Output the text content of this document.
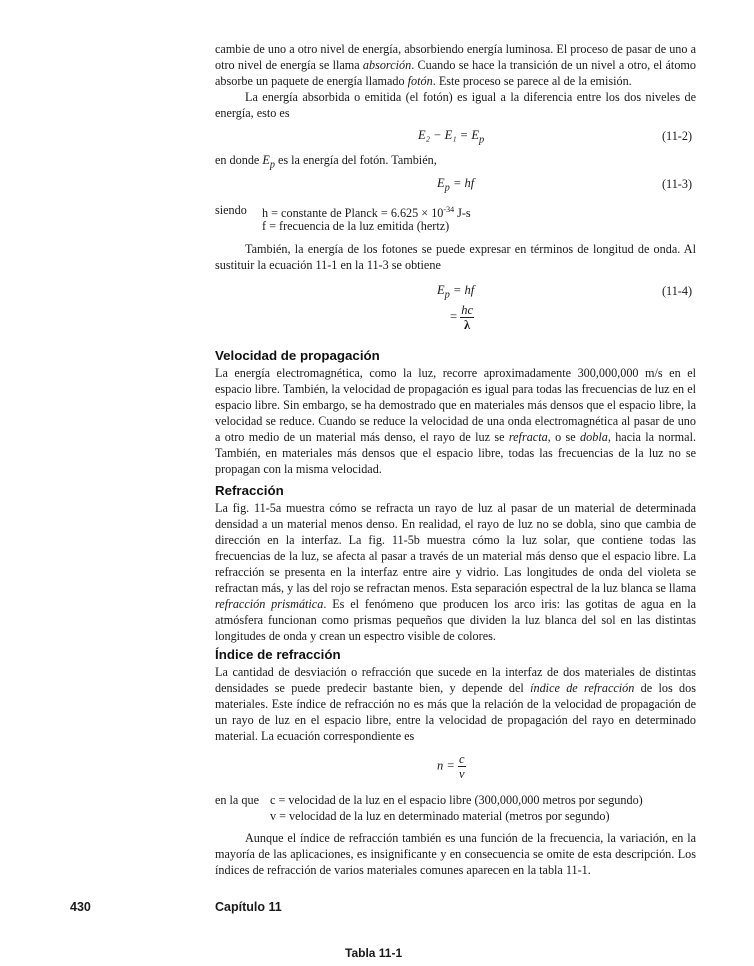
cambie de uno a otro nivel de energía, absorbiendo energía luminosa. El proceso de pasar de uno a otro nivel de energía se llama absorción. Cuando se hace la transición de un nivel a otro, el átomo absorbe un paquete de energía llamado fotón. Este proceso se parece al de la emisión.

La energía absorbida o emitida (el fotón) es igual a la diferencia entre los dos niveles de energía, esto es

$E_2 - E_1 = E_p$	(11-2)

en donde $E_p$ es la energía del fotón. También,

$E_p$ = hf	(11-3)
siendo h = constante de Planck = $6.625 \times 10^{-34}$ J-s
f = frecuencia de la luz emitida (hertz)

También, la energía de los fotones se puede expresar en términos de longitud de onda. Al sustituir la ecuación 11-1 en la 11-3 se obtiene

$E_p$ = hf	(11-4)
= $\frac{hc}{\lambda}$
Velocidad de propagación

La energía electromagnética, como la luz, recorre aproximadamente 300,000,000 m/s en el espacio libre. También, la velocidad de propagación es igual para todas las frecuencias de luz en el espacio libre. Sin embargo, se ha demostrado que en materiales más densos que el espacio libre, la velocidad se reduce. Cuando se reduce la velocidad de una onda electromagnética al pasar de uno a otro medio de un material más denso, el rayo de luz se refracta, o se dobla, hacia la normal. También, en materiales más densos que el espacio libre, todas las frecuencias de la luz no se propagan con la misma velocidad.

Refracción

La fig. 11-5a muestra cómo se refracta un rayo de luz al pasar de un material de determinada densidad a un material menos denso. En realidad, el rayo de luz no se dobla, sino que cambia de dirección en la interfaz. La fig. 11-5b muestra cómo la luz solar, que contiene todas las frecuencias de la luz, se afecta al pasar a través de un material más denso que el espacio libre. La refracción se presenta en la interfaz entre aire y vidrio. Las longitudes de onda del violeta se refractan más, y las del rojo se refractan menos. Esta separación espectral de la luz blanca se llama refracción prismática. Es el fenómeno que producen los arco iris: las gotitas de agua en la atmósfera funcionan como prismas pequeños que dividen la luz blanca del sol en las distintas longitudes de onda y crean un espectro visible de colores.

Índice de refracción

La cantidad de desviación o refracción que sucede en la interfaz de dos materiales de distintas densidades se puede predecir bastante bien, y depende del índice de refracción de los dos materiales. Este índice de refracción no es más que la relación de la velocidad de propagación de un rayo de luz en el espacio libre, entre la velocidad de propagación del rayo en determinado material. La ecuación correspondiente es

$n = \frac{c}{v}$
en la que c = velocidad de la luz en el espacio libre (300,000,000 metros por segundo)
v = velocidad de la luz en determinado material (metros por segundo)

Aunque el índice de refracción también es una función de la frecuencia, la variación, en la mayoría de las aplicaciones, es insignificante y en consecuencia se omite de esta descripción. Los índices de refracción de varios materiales comunes aparecen en la tabla 11-1.

430	Capítulo 11
Tabla 11-1
